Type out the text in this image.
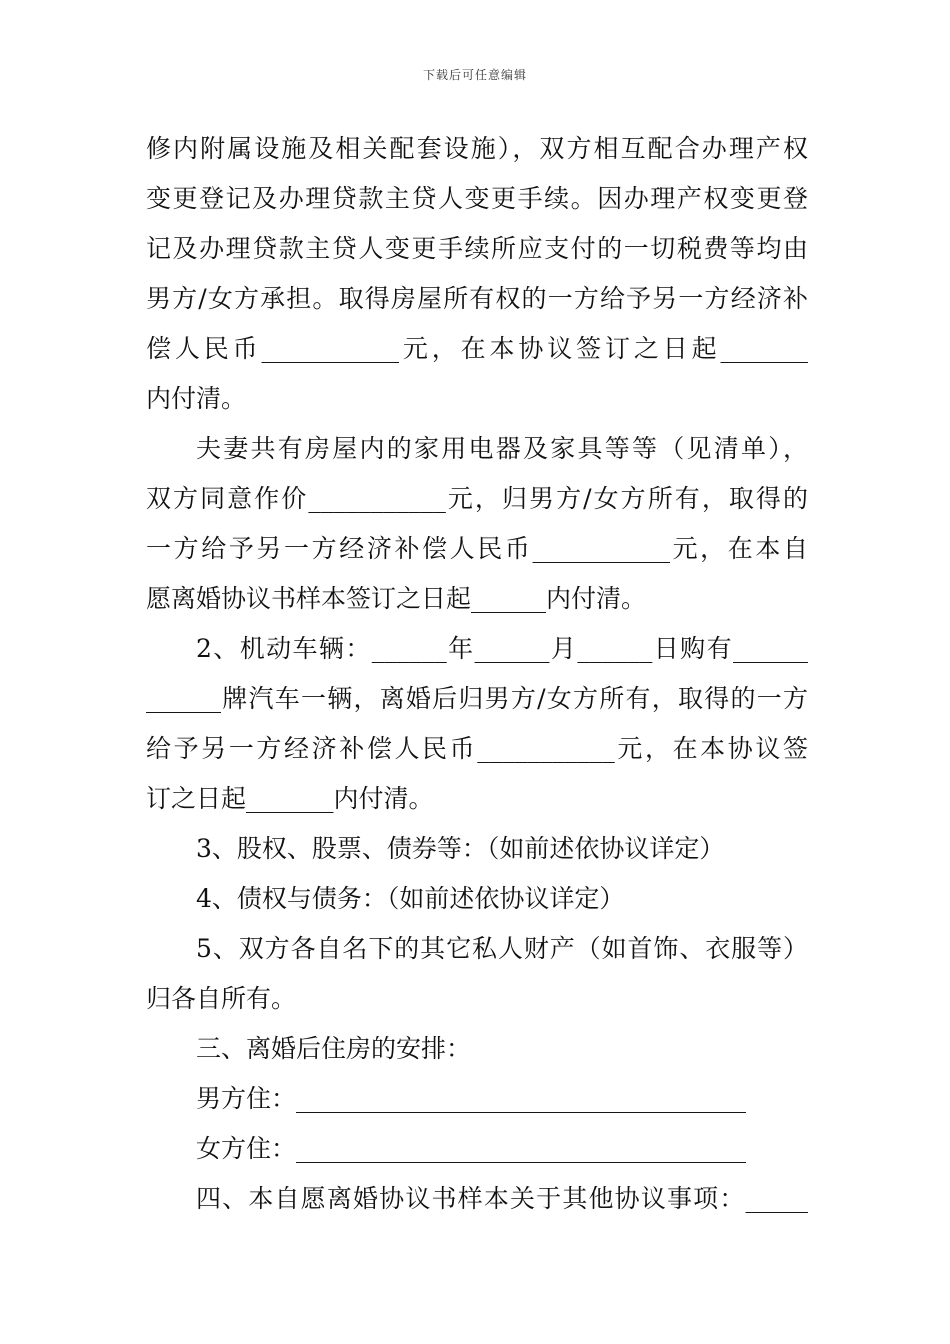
下载后可任意编辑
修内附属设施及相关配套设施），双方相互配合办理产权
变更登记及办理贷款主贷人变更手续。因办理产权变更登
记及办理贷款主贷人变更手续所应支付的一切税费等均由
男方/女方承担。取得房屋所有权的一方给予另一方经济补
偿人民币___________元，在本协议签订之日起_______
内付清。
夫妻共有房屋内的家用电器及家具等等（见清单），
双方同意作价___________元，归男方/女方所有，取得的
一方给予另一方经济补偿人民币___________元，在本自
愿离婚协议书样本签订之日起______内付清。
2、机动车辆：______年______月______日购有______
______牌汽车一辆，离婚后归男方/女方所有，取得的一方
给予另一方经济补偿人民币___________元，在本协议签
订之日起_______内付清。
3、股权、股票、债券等：（如前述依协议详定）
4、债权与债务：（如前述依协议详定）
5、双方各自名下的其它私人财产（如首饰、衣服等）
归各自所有。
三、离婚后住房的安排：
男方住：____________________________________
女方住：____________________________________
四、本自愿离婚协议书样本关于其他协议事项：_____
